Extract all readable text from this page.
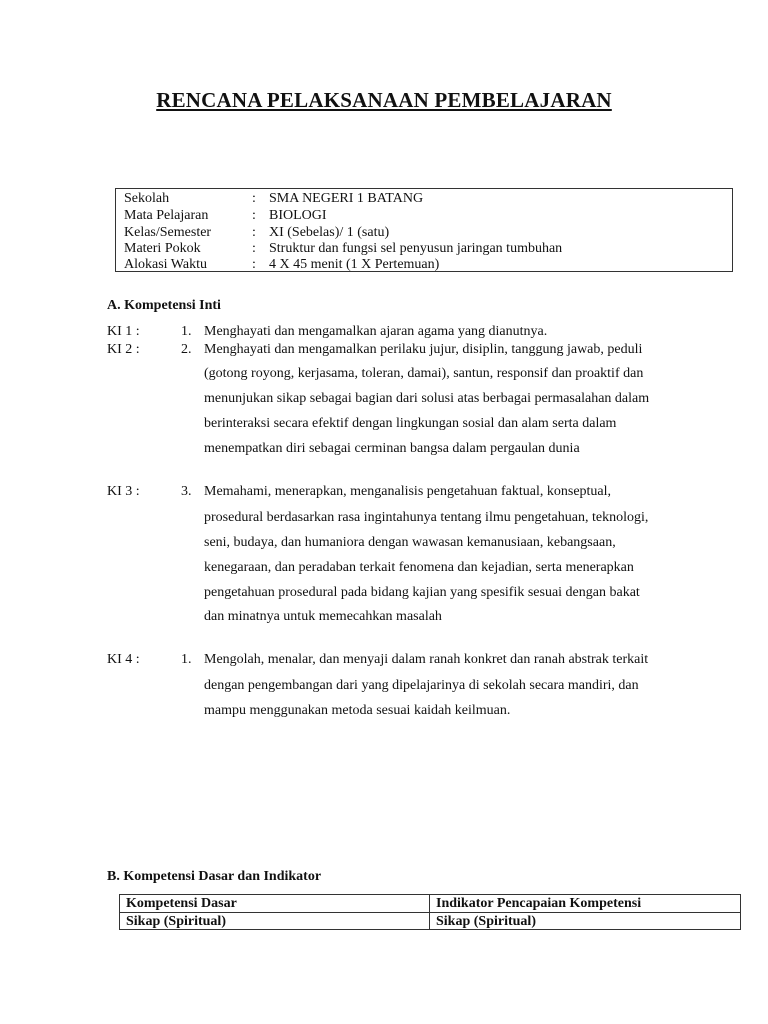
RENCANA PELAKSANAAN PEMBELAJARAN
Sekolah	: SMA NEGERI 1 BATANG
Mata Pelajaran	: BIOLOGI
Kelas/Semester	: XI (Sebelas)/ 1 (satu)
Materi Pokok	: Struktur dan fungsi sel penyusun jaringan tumbuhan
Alokasi Waktu	: 4 X 45 menit (1 X Pertemuan)
A. Kompetensi Inti
KI 1 :	1. Menghayati dan mengamalkan ajaran agama yang dianutnya.
KI 2 :	2. Menghayati dan mengamalkan perilaku jujur, disiplin, tanggung jawab, peduli
(gotong royong, kerjasama, toleran, damai), santun, responsif dan proaktif dan
menunjukan sikap sebagai bagian dari solusi atas berbagai permasalahan dalam
berinteraksi secara efektif dengan lingkungan sosial dan alam serta dalam
menempatkan diri sebagai cerminan bangsa dalam pergaulan dunia
KI 3 :	3. Memahami, menerapkan, menganalisis pengetahuan faktual, konseptual,
prosedural berdasarkan rasa ingintahunya tentang ilmu pengetahuan, teknologi,
seni, budaya, dan humaniora dengan wawasan kemanusiaan, kebangsaan,
kenegaraan, dan peradaban terkait fenomena dan kejadian, serta menerapkan
pengetahuan prosedural pada bidang kajian yang spesifik sesuai dengan bakat
dan minatnya untuk memecahkan masalah
KI 4 :	1. Mengolah, menalar, dan menyaji dalam ranah konkret dan ranah abstrak terkait
dengan pengembangan dari yang dipelajarinya di sekolah secara mandiri, dan
mampu menggunakan metoda sesuai kaidah keilmuan.
B. Kompetensi Dasar dan Indikator
Kompetensi Dasar	Indikator Pencapaian Kompetensi
Sikap (Spiritual)	Sikap (Spiritual)
